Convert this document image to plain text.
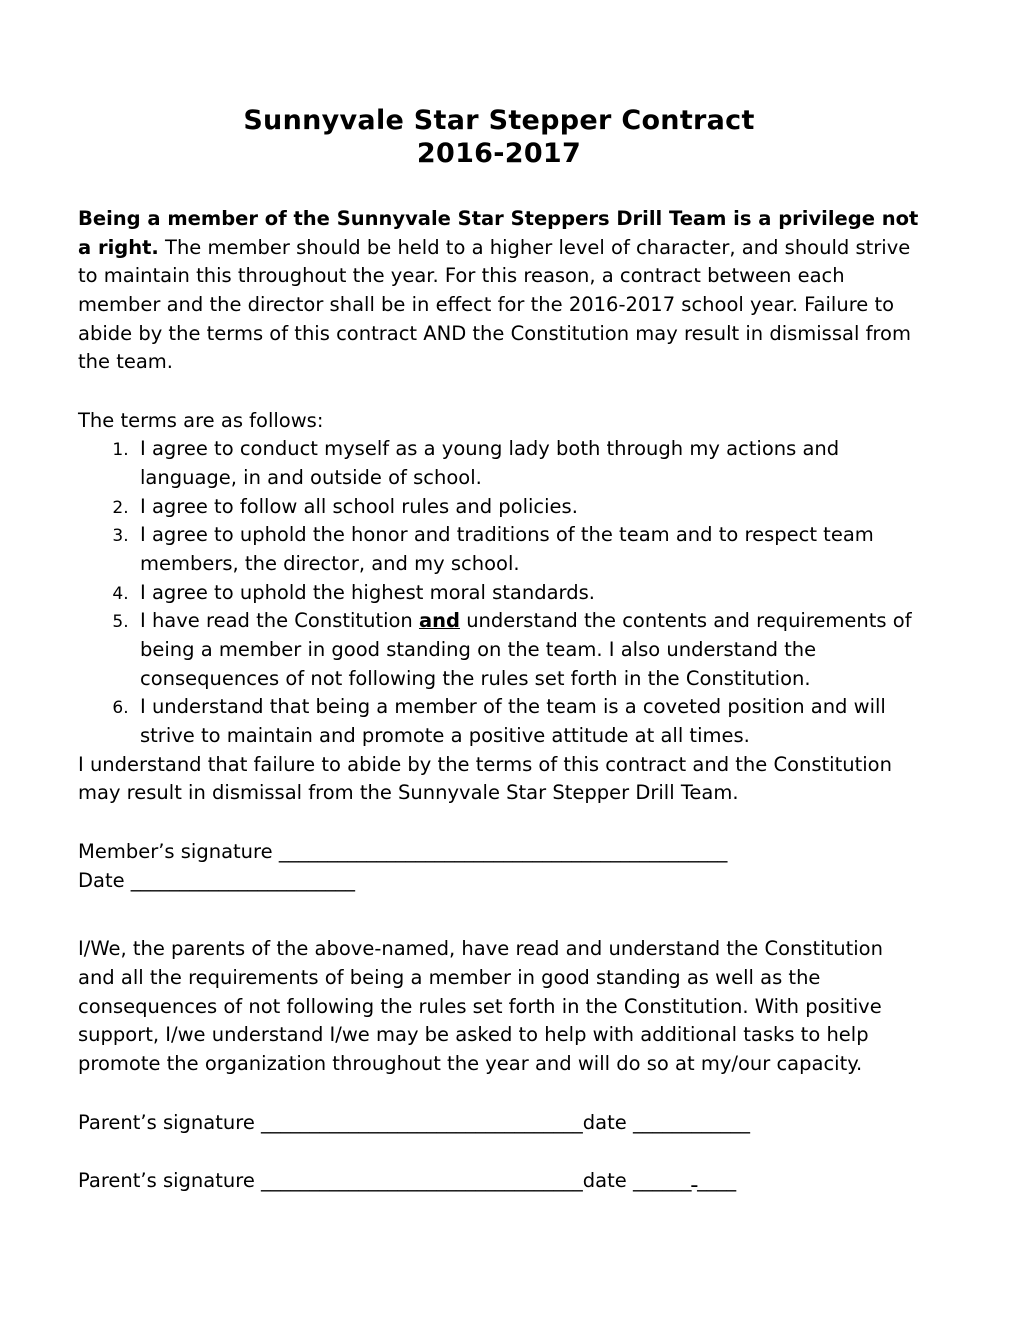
Sunnyvale Star Stepper Contract
2016-2017

Being a member of the Sunnyvale Star Steppers Drill Team is a privilege not a right. The member should be held to a higher level of character, and should strive to maintain this throughout the year. For this reason, a contract between each member and the director shall be in effect for the 2016-2017 school year. Failure to abide by the terms of this contract AND the Constitution may result in dismissal from the team.

The terms are as follows:

1. I agree to conduct myself as a young lady both through my actions and language, in and outside of school.
2. I agree to follow all school rules and policies.
3. I agree to uphold the honor and traditions of the team and to respect team members, the director, and my school.
4. I agree to uphold the highest moral standards.
5. I have read the Constitution and understand the contents and requirements of being a member in good standing on the team. I also understand the consequences of not following the rules set forth in the Constitution.
6. I understand that being a member of the team is a coveted position and will strive to maintain and promote a positive attitude at all times.

I understand that failure to abide by the terms of this contract and the Constitution may result in dismissal from the Sunnyvale Star Stepper Drill Team.

Member’s signature ______________________________________________

Date _______________________

I/We, the parents of the above-named, have read and understand the Constitution and all the requirements of being a member in good standing as well as the consequences of not following the rules set forth in the Constitution. With positive support, I/we understand I/we may be asked to help with additional tasks to help promote the organization throughout the year and will do so at my/our capacity.

Parent’s signature _________________________________date ____________

Parent’s signature _________________________________date ______ـ____
